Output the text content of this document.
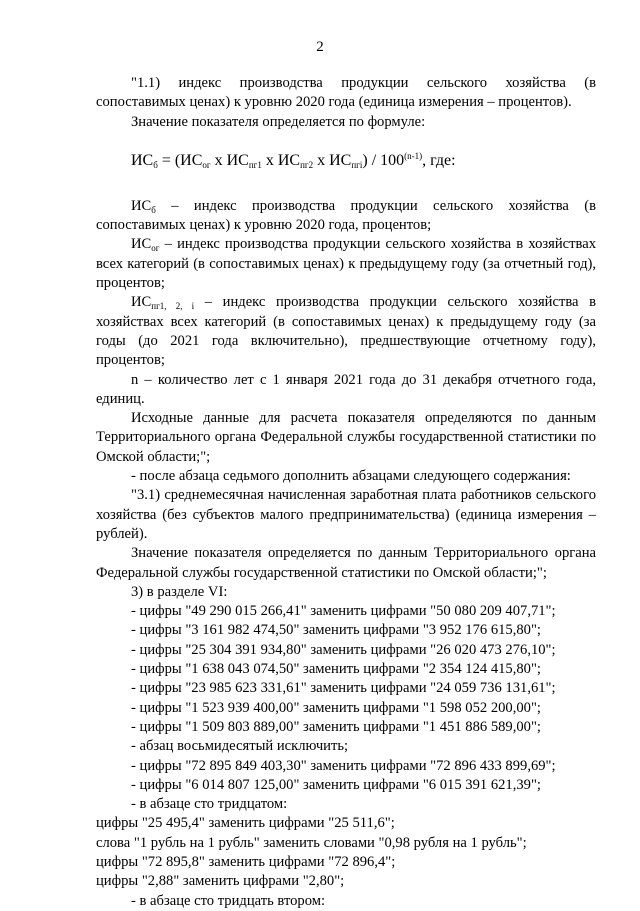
2

"1.1) индекс производства продукции сельского хозяйства (в сопоставимых ценах) к уровню 2020 года (единица измерения – процентов).

Значение показателя определяется по формуле:

$ИС_б = (ИС_{ог}$ x $ИС_{пг1}$ x $ИС_{пг2}$ x $ИС_{пгi}) / 100^{(n-1)}$, где:

$ИС_б$ – индекс производства продукции сельского хозяйства (в сопоставимых ценах) к уровню 2020 года, процентов;

$ИС_{ог}$ – индекс производства продукции сельского хозяйства в хозяйствах всех категорий (в сопоставимых ценах) к предыдущему году (за отчетный год), процентов;

$ИС_{пг1, 2, i}$ – индекс производства продукции сельского хозяйства в хозяйствах всех категорий (в сопоставимых ценах) к предыдущему году (за годы (до 2021 года включительно), предшествующие отчетному году), процентов;

n – количество лет с 1 января 2021 года до 31 декабря отчетного года, единиц.

Исходные данные для расчета показателя определяются по данным Территориального органа Федеральной службы государственной статистики по Омской области;";

- после абзаца седьмого дополнить абзацами следующего содержания:

"3.1) среднемесячная начисленная заработная плата работников сельского хозяйства (без субъектов малого предпринимательства) (единица измерения – рублей).

Значение показателя определяется по данным Территориального органа Федеральной службы государственной статистики по Омской области;";

3) в разделе VI:

- цифры "49 290 015 266,41" заменить цифрами "50 080 209 407,71";
- цифры "3 161 982 474,50" заменить цифрами "3 952 176 615,80";
- цифры "25 304 391 934,80" заменить цифрами "26 020 473 276,10";
- цифры "1 638 043 074,50" заменить цифрами "2 354 124 415,80";
- цифры "23 985 623 331,61" заменить цифрами "24 059 736 131,61";
- цифры "1 523 939 400,00" заменить цифрами "1 598 052 200,00";
- цифры "1 509 803 889,00" заменить цифрами "1 451 886 589,00";
- абзац восьмидесятый исключить;
- цифры "72 895 849 403,30" заменить цифрами "72 896 433 899,69";
- цифры "6 014 807 125,00" заменить цифрами "6 015 391 621,39";
- в абзаце сто тридцатом:
цифры "25 495,4" заменить цифрами "25 511,6";
слова "1 рубль на 1 рубль" заменить словами "0,98 рубля на 1 рубль";
цифры "72 895,8" заменить цифрами "72 896,4";
цифры "2,88" заменить цифрами "2,80";
- в абзаце сто тридцать втором:
